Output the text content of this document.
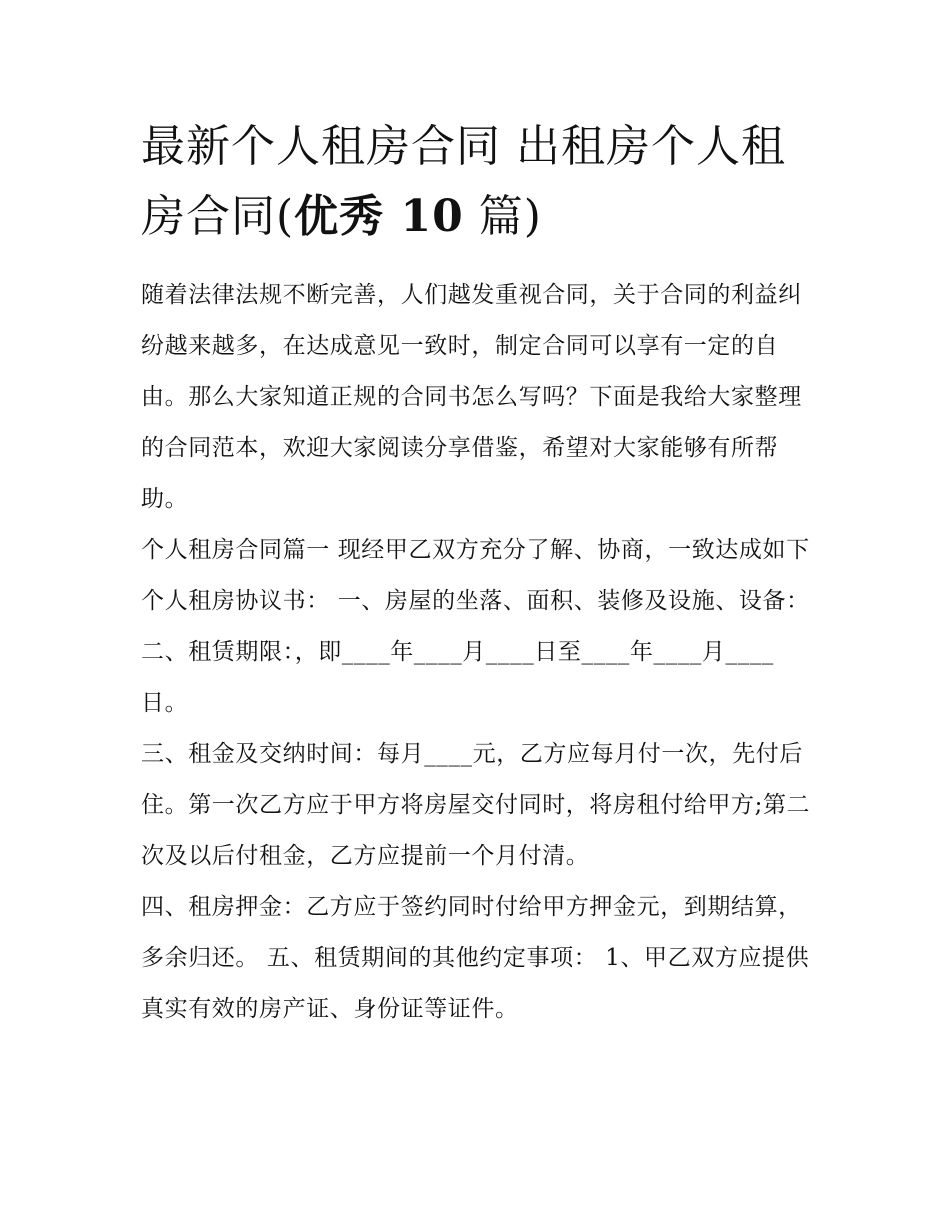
最新个人租房合同 出租房个人租房合同(优秀 10 篇)

随着法律法规不断完善，人们越发重视合同，关于合同的利益纠纷越来越多，在达成意见一致时，制定合同可以享有一定的自由。那么大家知道正规的合同书怎么写吗？下面是我给大家整理的合同范本，欢迎大家阅读分享借鉴，希望对大家能够有所帮助。

个人租房合同篇一 现经甲乙双方充分了解、协商，一致达成如下个人租房协议书： 一、房屋的坐落、面积、装修及设施、设备：

二、租赁期限：，即____年____月____日至____年____月____日。

三、租金及交纳时间：每月____元，乙方应每月付一次，先付后住。第一次乙方应于甲方将房屋交付同时，将房租付给甲方;第二次及以后付租金，乙方应提前一个月付清。

四、租房押金：乙方应于签约同时付给甲方押金元，到期结算，多余归还。 五、租赁期间的其他约定事项： 1、甲乙双方应提供真实有效的房产证、身份证等证件。
